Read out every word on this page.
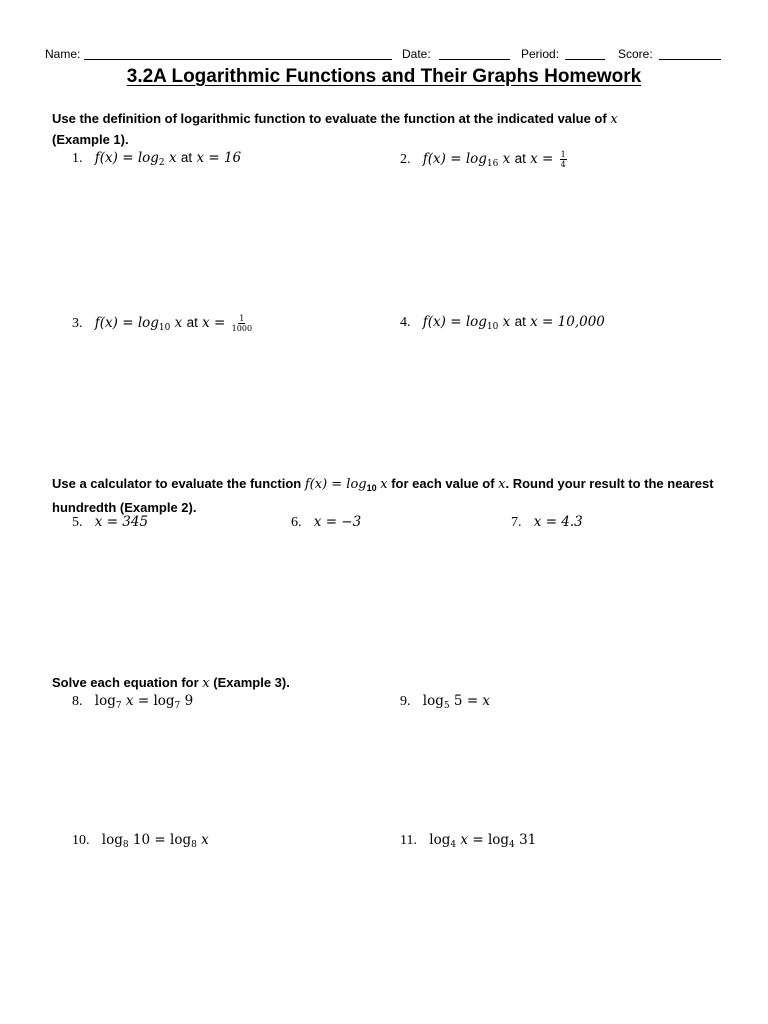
Name:	Date:	Period:	Score:
3.2A Logarithmic Functions and Their Graphs Homework
Use the definition of logarithmic function to evaluate the function at the indicated value of x
(Example 1).
1. $f(x) = \log_2 x$ at x = 16	2. $f(x) = \log_{16} x$ at $x = \frac{1}{4}$
3. $f(x) = \log_{10} x$ at $x = \frac{1}{1000}$	4. $f(x) = \log_{10} x$ at x = 10,000
Use a calculator to evaluate the function $f(x) = \log_{10} x$ for each value of x. Round your result to the nearest hundredth (Example 2).
5. x = 345	6. x = −3	7. x = 4.3
Solve each equation for x (Example 3).
8. $\log_7 x = \log_7 9$	9. $\log_5 5 = x$
10. $\log_8 10 = \log_8 x$	11. $\log_4 x = \log_4 31$
